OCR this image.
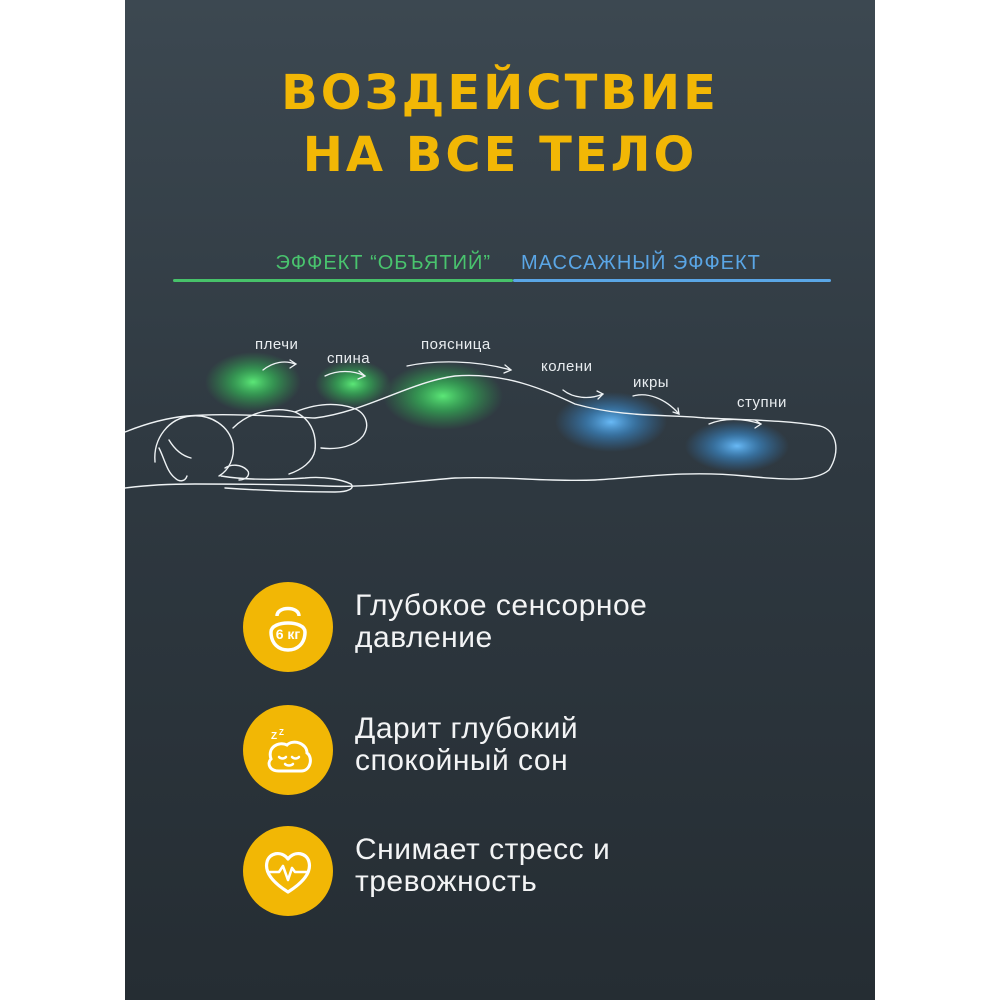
ВОЗДЕЙСТВИЕ
НА ВСЕ ТЕЛО
ЭФФЕКТ “ОБЪЯТИЙ” МАССАЖНЫЙ ЭФФЕКТ
плечи
спина
поясница
колени
икры
ступни
6 кг
Глубокое сенсорное
давление
Z Z Дарит глубокий
спокойный сон
Снимает стресс и
тревожность
